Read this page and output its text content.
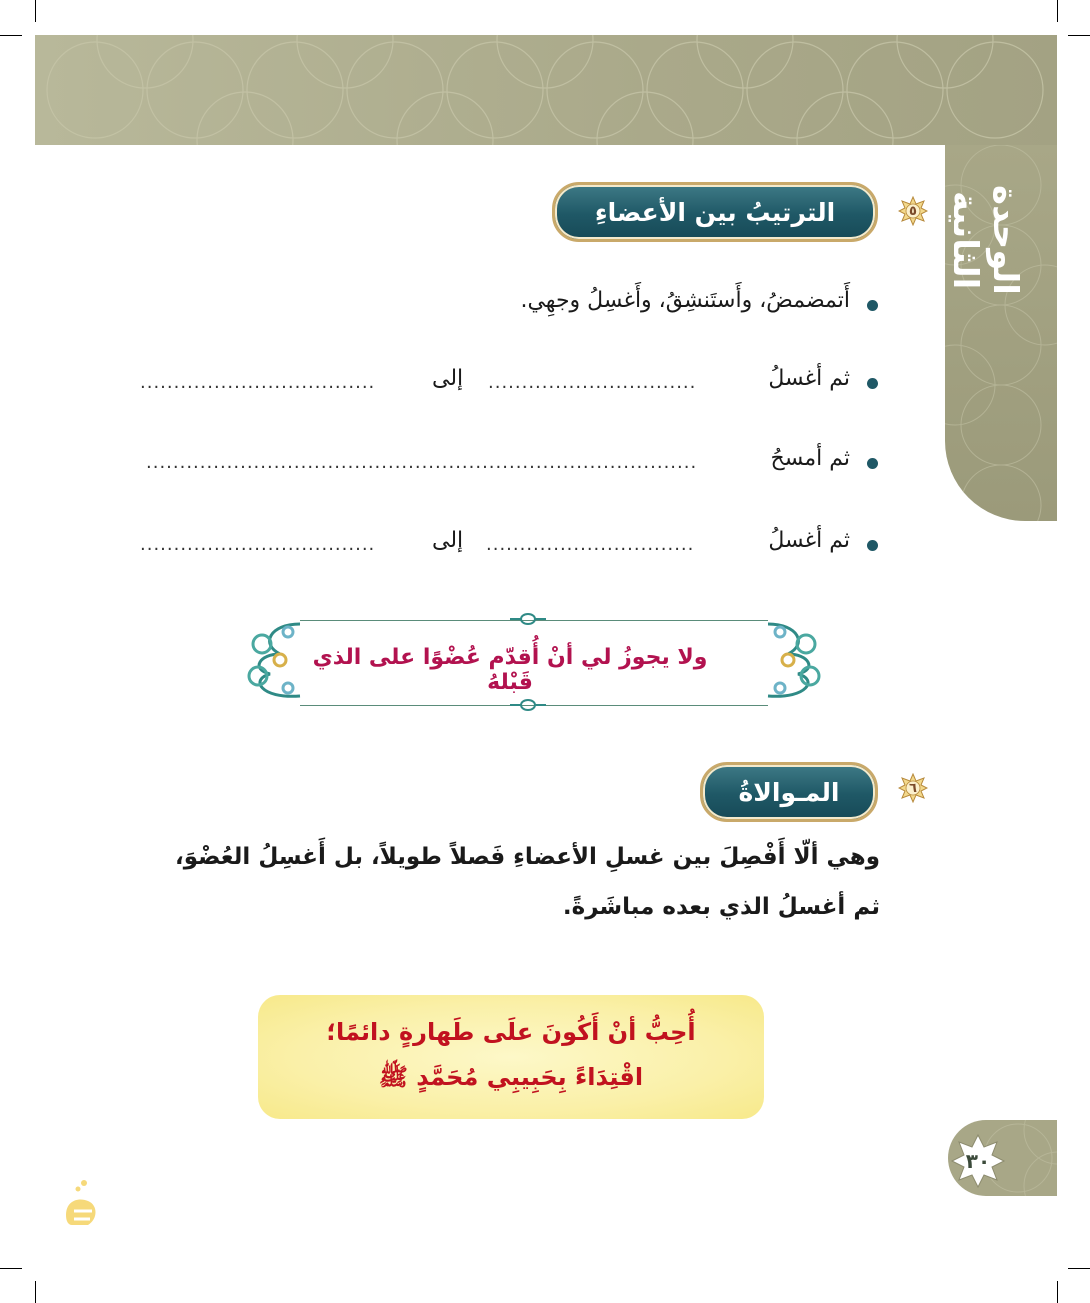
الوحدة الثانية
٥
الترتيبُ بين الأعضاءِ
أَتمضمضُ، وأَستَنشِقُ، وأَغسِلُ وجهِي.
ثم أغسلُ
...............................
إلى
...................................
ثم أمسحُ
..................................................................................
ثم أغسلُ
...............................
إلى
...................................
ولا يجوزُ لي أنْ أُقدّم عُضْوًا على الذي قَبْلهُ
٦
المـوالاةُ
وهي ألّا أَفْصِلَ بين غسلِ الأعضاءِ فَصلاً طويلاً، بل أَغسِلُ العُضْوَ،
ثم أغسلُ الذي بعده مباشَرةً.
أُحِبُّ أنْ أَكُونَ علَى طَهارةٍ دائمًا؛
اقْتِدَاءً بِحَبِيبِي مُحَمَّدٍ ﷺ
٣٠
